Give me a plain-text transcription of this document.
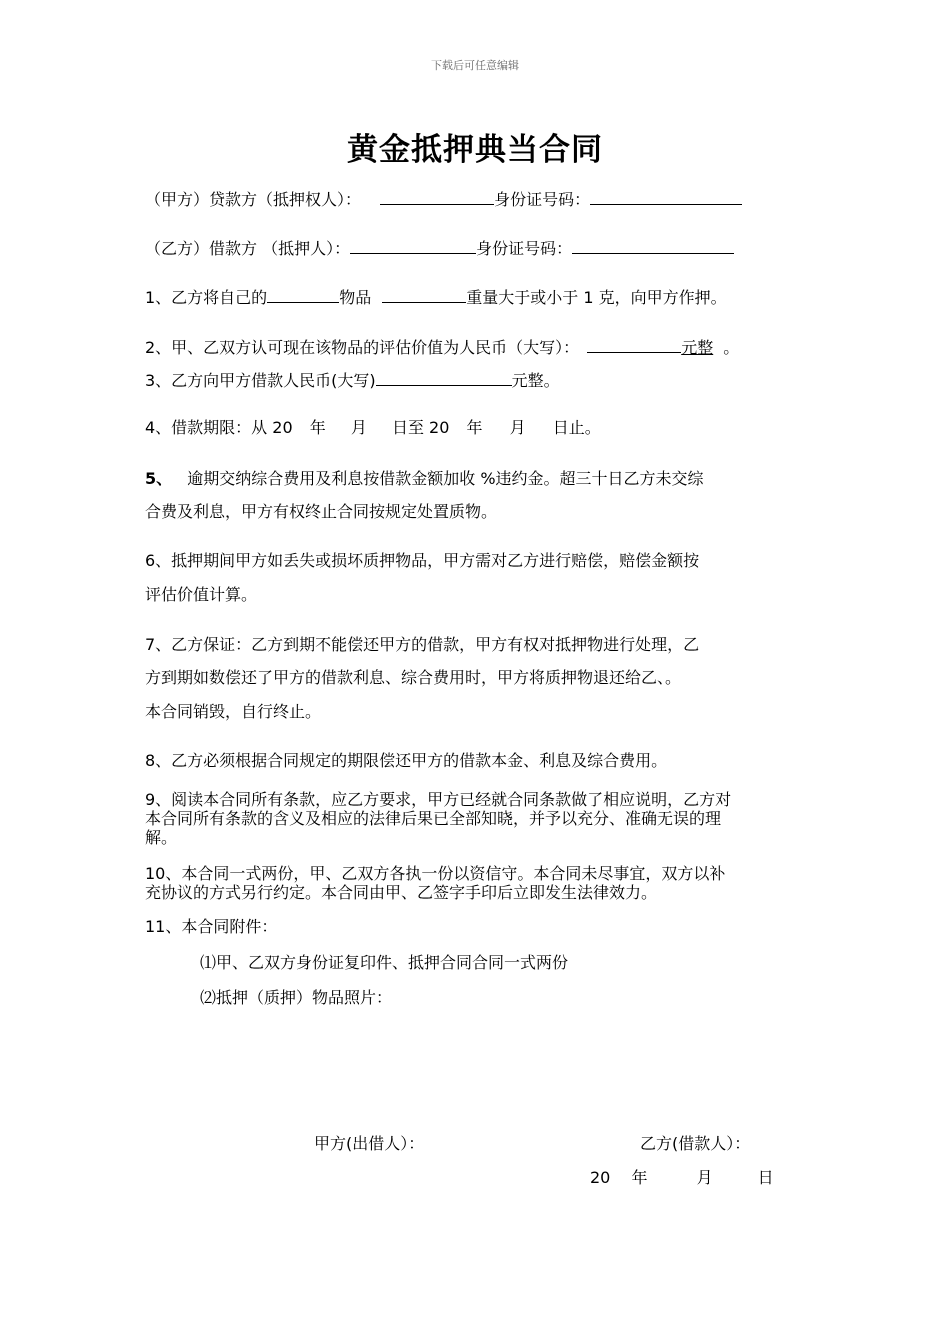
下载后可任意编辑
黄金抵押典当合同
（甲方）贷款方（抵押权人）：	身份证号码：
（乙方）借款方 （抵押人）：	身份证号码：
1、乙方将自己的	物品	重量大于或小于 1 克，向甲方作押。
2、甲、乙双方认可现在该物品的评估价值为人民币（大写）：	元整 。
3、乙方向甲方借款人民币(大写)	元整。
4、借款期限：从 20 年 月 日至 20 年 月 日止。
5、 逾期交纳综合费用及利息按借款金额加收 %违约金。超三十日乙方未交综
合费及利息，甲方有权终止合同按规定处置质物。
6、抵押期间甲方如丢失或损坏质押物品，甲方需对乙方进行赔偿，赔偿金额按
评估价值计算。
7、乙方保证：乙方到期不能偿还甲方的借款，甲方有权对抵押物进行处理，乙
方到期如数偿还了甲方的借款利息、综合费用时，甲方将质押物退还给乙、。
本合同销毁，自行终止。
8、乙方必须根据合同规定的期限偿还甲方的借款本金、利息及综合费用。
9、阅读本合同所有条款，应乙方要求，甲方已经就合同条款做了相应说明，乙方对
本合同所有条款的含义及相应的法律后果已全部知晓，并予以充分、准确无误的理
解。
10、本合同一式两份，甲、乙双方各执一份以资信守。本合同未尽事宜，双方以补
充协议的方式另行约定。本合同由甲、乙签字手印后立即发生法律效力。
11、本合同附件：
⑴甲、乙双方身份证复印件、抵押合同合同一式两份
⑵抵押（质押）物品照片：
甲方(出借人）：	乙方(借款人）：
20 年	月	日
